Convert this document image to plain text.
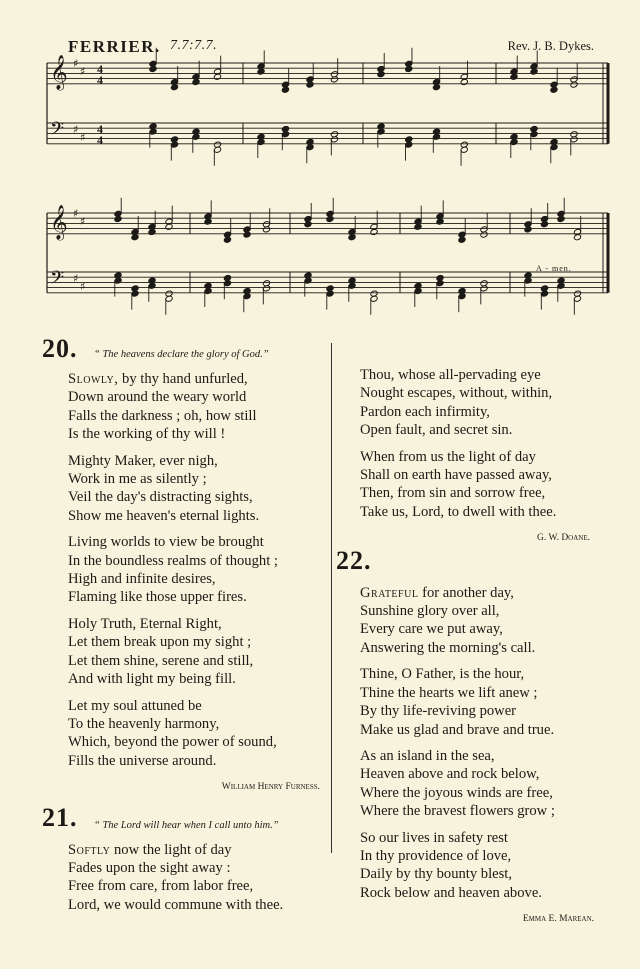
FERRIER. 7.7:7.7.	Rev. J. B. Dykes.
𝄞 ♯
♯ 4
4
𝄢 ♯
♯
4
4
𝄞 ♯
♯
𝄢 ♯
♯
A - men.
20. “ The heavens declare the glory of God.”
Slowly, by thy hand unfurled,
Down around the weary world
Falls the darkness ; oh, how still
Is the working of thy will !
Mighty Maker, ever nigh,
Work in me as silently ;
Veil the day's distracting sights,
Show me heaven's eternal lights.
Living worlds to view be brought
In the boundless realms of thought ;
High and infinite desires,
Flaming like those upper fires.
Holy Truth, Eternal Right,
Let them break upon my sight ;
Let them shine, serene and still,
And with light my being fill.
Let my soul attuned be
To the heavenly harmony,
Which, beyond the power of sound,
Fills the universe around.
William Henry Furness.
21. “ The Lord will hear when I call unto him.”
Softly now the light of day
Fades upon the sight away :
Free from care, from labor free,
Lord, we would commune with thee.
Thou, whose all-pervading eye
Nought escapes, without, within,
Pardon each infirmity,
Open fault, and secret sin.
When from us the light of day
Shall on earth have passed away,
Then, from sin and sorrow free,
Take us, Lord, to dwell with thee.
G. W. Doane.
22.
Grateful for another day,
Sunshine glory over all,
Every care we put away,
Answering the morning's call.
Thine, O Father, is the hour,
Thine the hearts we lift anew ;
By thy life-reviving power
Make us glad and brave and true.
As an island in the sea,
Heaven above and rock below,
Where the joyous winds are free,
Where the bravest flowers grow ;
So our lives in safety rest
In thy providence of love,
Daily by thy bounty blest,
Rock below and heaven above.
Emma E. Marean.
